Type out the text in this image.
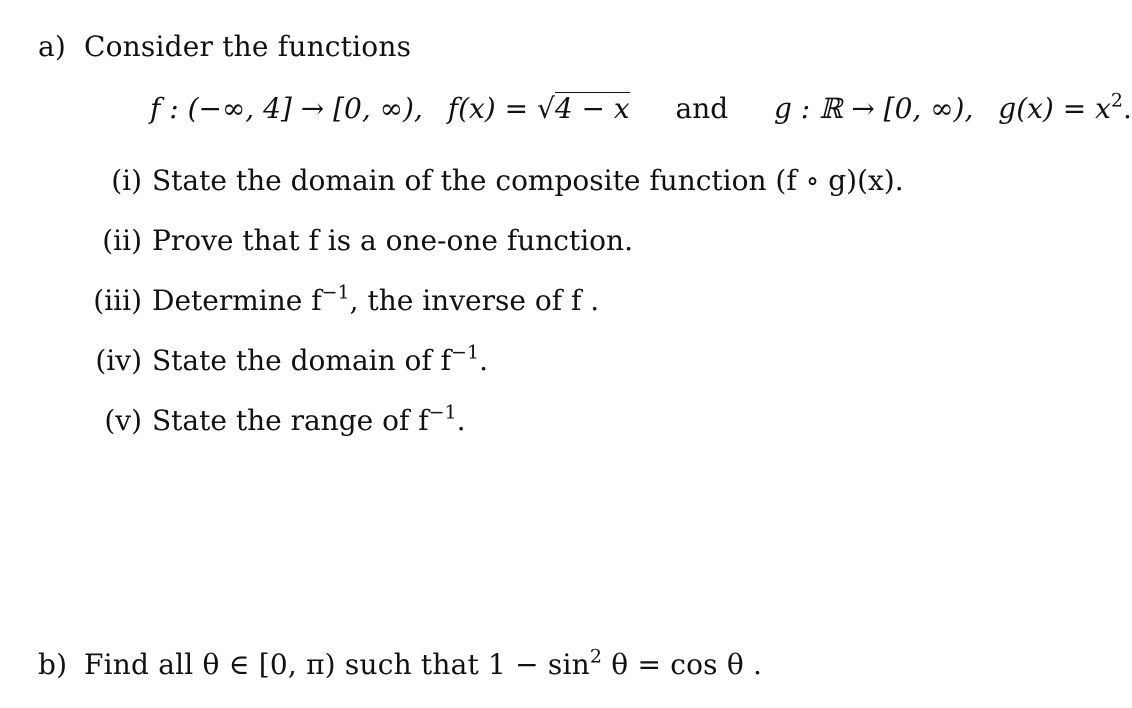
a) Consider the functions
f : (−∞, 4] → [0, ∞), f(x) = √4 − x and g : ℝ → [0, ∞), $g(x) = x^2$.
(i) State the domain of the composite function (f ∘ g)(x).
(ii) Prove that f is a one-one function.
(iii) Determine $f^{-1}$, the inverse of f .
(iv) State the domain of $f^{-1}$.
(v) State the range of $f^{-1}$.
b) Find all θ ∈ [0, π) such that $1 - \sin^2 \theta = \cos \theta$ .
